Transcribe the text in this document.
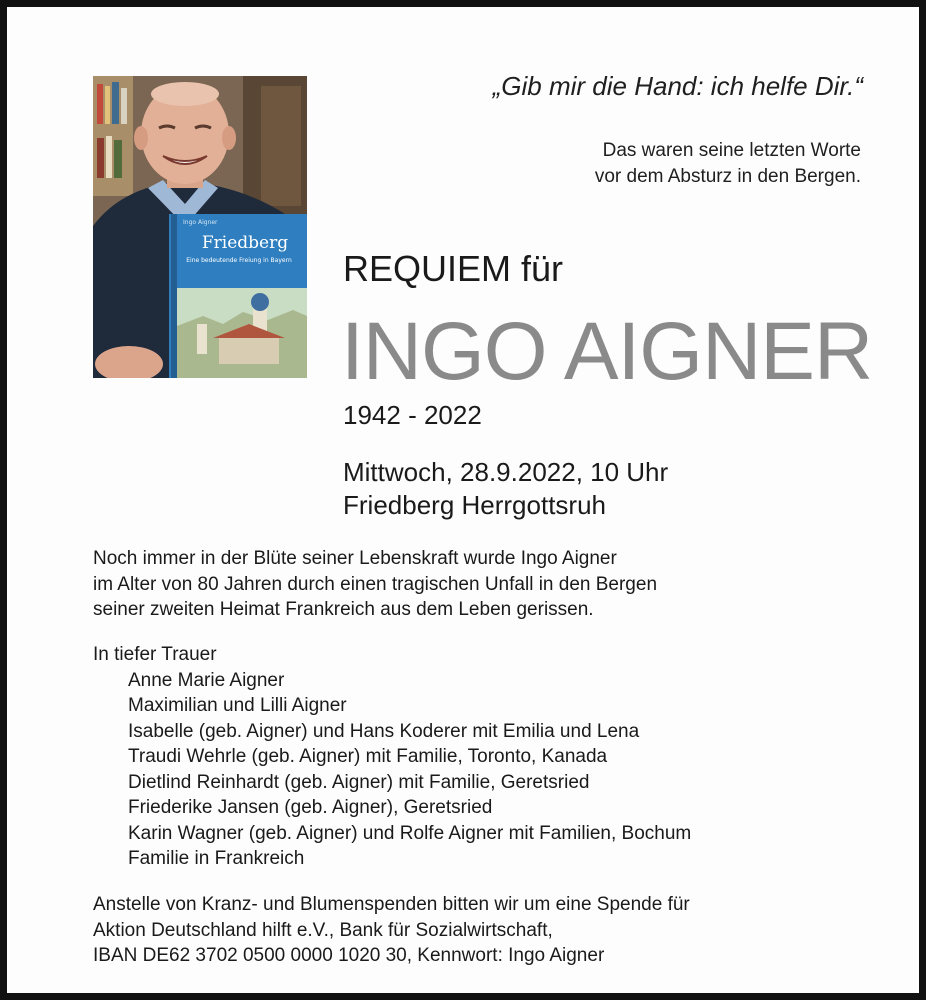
Ingo Aigner
Friedberg
Eine bedeutende Freiung in Bayern
„Gib mir die Hand: ich helfe Dir.“
Das waren seine letzten Worte
vor dem Absturz in den Bergen.
REQUIEM für
INGO AIGNER
1942 - 2022
Mittwoch, 28.9.2022, 10 Uhr
Friedberg Herrgottsruh
Noch immer in der Blüte seiner Lebenskraft wurde Ingo Aigner
im Alter von 80 Jahren durch einen tragischen Unfall in den Bergen
seiner zweiten Heimat Frankreich aus dem Leben gerissen.
In tiefer Trauer
Anne Marie Aigner
Maximilian und Lilli Aigner
Isabelle (geb. Aigner) und Hans Koderer mit Emilia und Lena
Traudi Wehrle (geb. Aigner) mit Familie, Toronto, Kanada
Dietlind Reinhardt (geb. Aigner) mit Familie, Geretsried
Friederike Jansen (geb. Aigner), Geretsried
Karin Wagner (geb. Aigner) und Rolfe Aigner mit Familien, Bochum
Familie in Frankreich
Anstelle von Kranz- und Blumenspenden bitten wir um eine Spende für
Aktion Deutschland hilft e.V., Bank für Sozialwirtschaft,
IBAN DE62 3702 0500 0000 1020 30, Kennwort: Ingo Aigner
